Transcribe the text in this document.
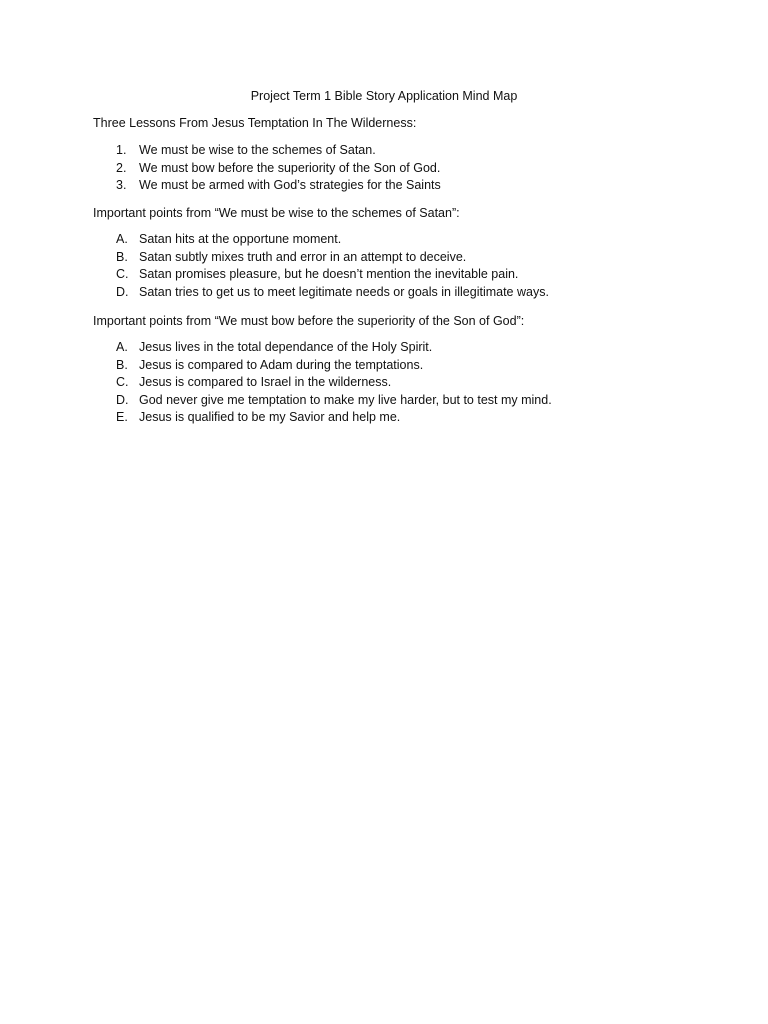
Project Term 1 Bible Story Application Mind Map

Three Lessons From Jesus Temptation In The Wilderness:

1. We must be wise to the schemes of Satan.
2. We must bow before the superiority of the Son of God.
3. We must be armed with God’s strategies for the Saints

Important points from “We must be wise to the schemes of Satan”:

A. Satan hits at the opportune moment.
B. Satan subtly mixes truth and error in an attempt to deceive.
C. Satan promises pleasure, but he doesn’t mention the inevitable pain.
D. Satan tries to get us to meet legitimate needs or goals in illegitimate ways.

Important points from “We must bow before the superiority of the Son of God”:

A. Jesus lives in the total dependance of the Holy Spirit.
B. Jesus is compared to Adam during the temptations.
C. Jesus is compared to Israel in the wilderness.
D. God never give me temptation to make my live harder, but to test my mind.
E. Jesus is qualified to be my Savior and help me.
